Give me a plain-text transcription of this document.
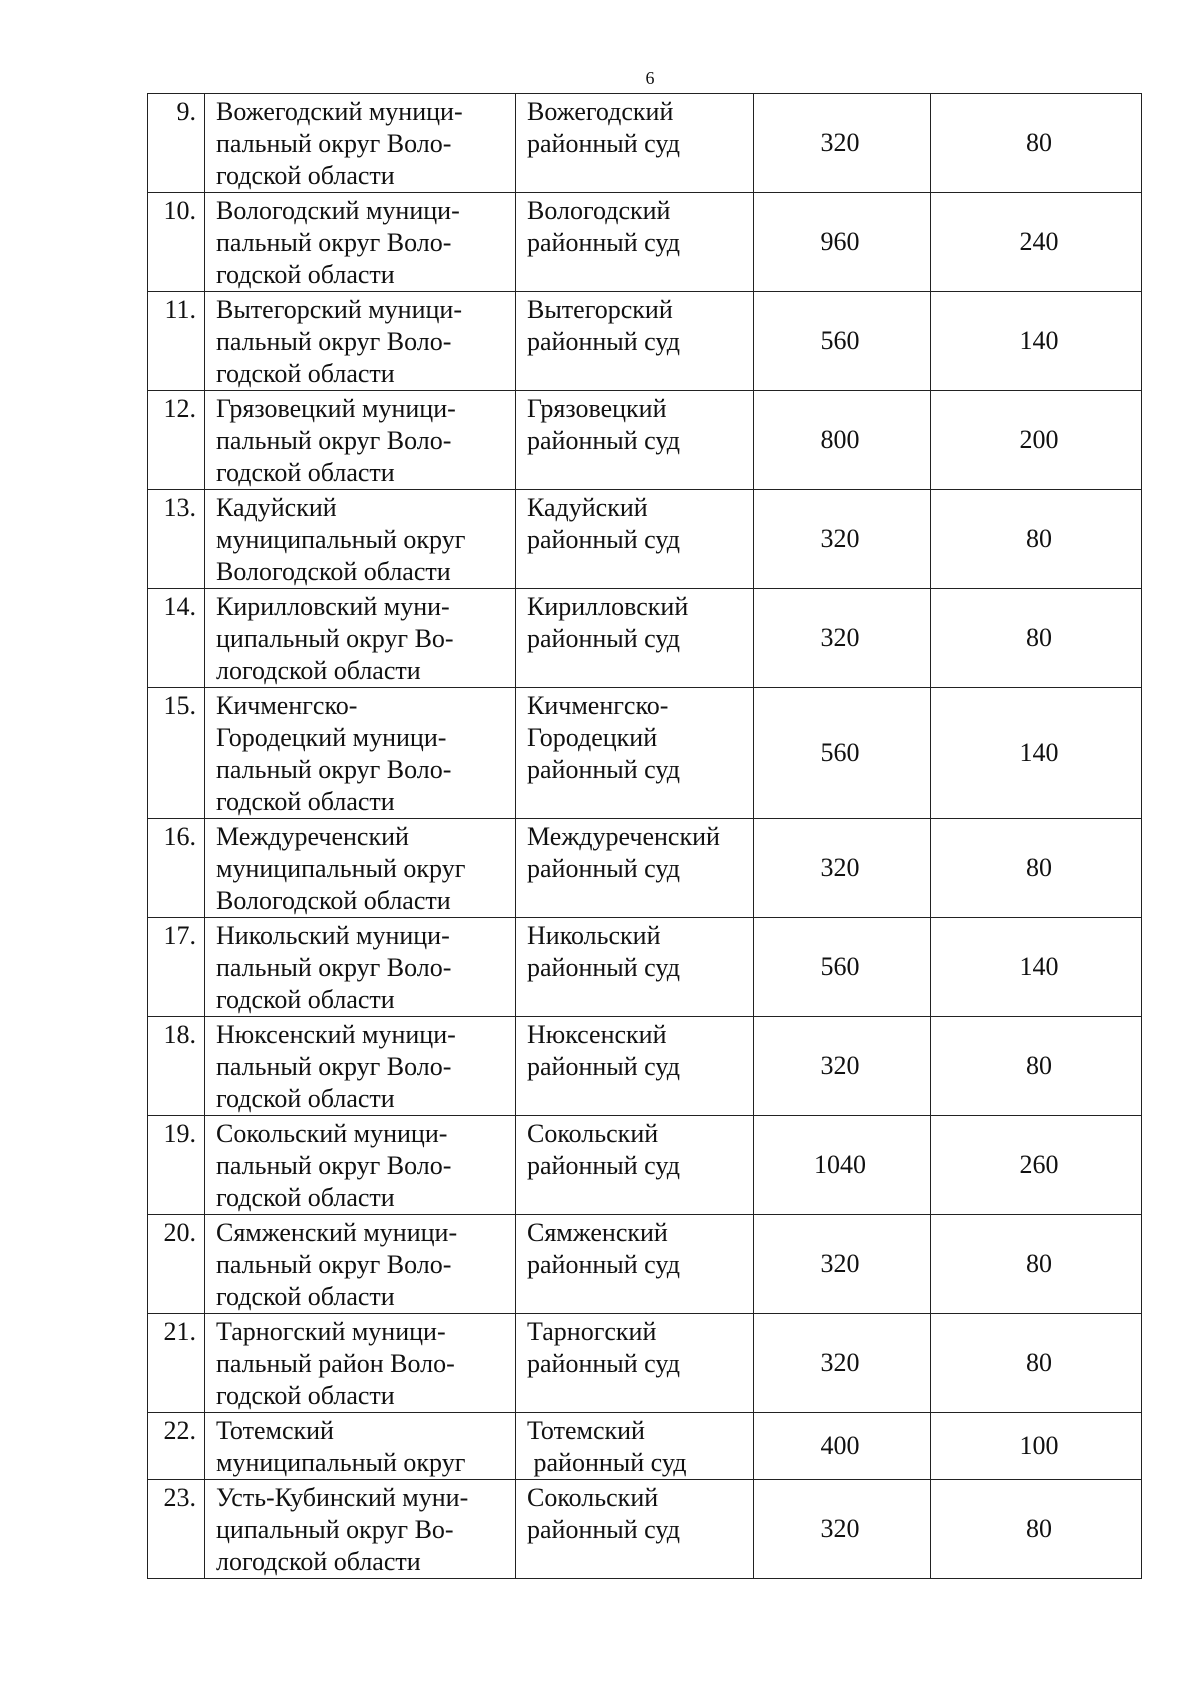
6
9.	Вожегодский муници-
пальный округ Воло-
годской области	Вожегодский
районный суд	320	80
10.	Вологодский муници-
пальный округ Воло-
годской области	Вологодский
районный суд	960	240
11.	Вытегорский муници-
пальный округ Воло-
годской области	Вытегорский
районный суд	560	140
12.	Грязовецкий муници-
пальный округ Воло-
годской области	Грязовецкий
районный суд	800	200
13.	Кадуйский
муниципальный округ
Вологодской области	Кадуйский
районный суд	320	80
14.	Кирилловский муни-
ципальный округ Во-
логодской области	Кирилловский
районный суд	320	80
15.	Кичменгско-
Городецкий муници-
пальный округ Воло-
годской области	Кичменгско-
Городецкий
районный суд	560	140
16.	Междуреченский
муниципальный округ
Вологодской области	Междуреченский
районный суд	320	80
17.	Никольский муници-
пальный округ Воло-
годской области	Никольский
районный суд	560	140
18.	Нюксенский муници-
пальный округ Воло-
годской области	Нюксенский
районный суд	320	80
19.	Сокольский муници-
пальный округ Воло-
годской области	Сокольский
районный суд	1040	260
20.	Сямженский муници-
пальный округ Воло-
годской области	Сямженский
районный суд	320	80
21.	Тарногский муници-
пальный район Воло-
годской области	Тарногский
районный суд	320	80
22.	Тотемский
муниципальный округ	Тотемский
районный суд	400	100
23.	Усть-Кубинский муни-
ципальный округ Во-
логодской области	Сокольский
районный суд	320	80
